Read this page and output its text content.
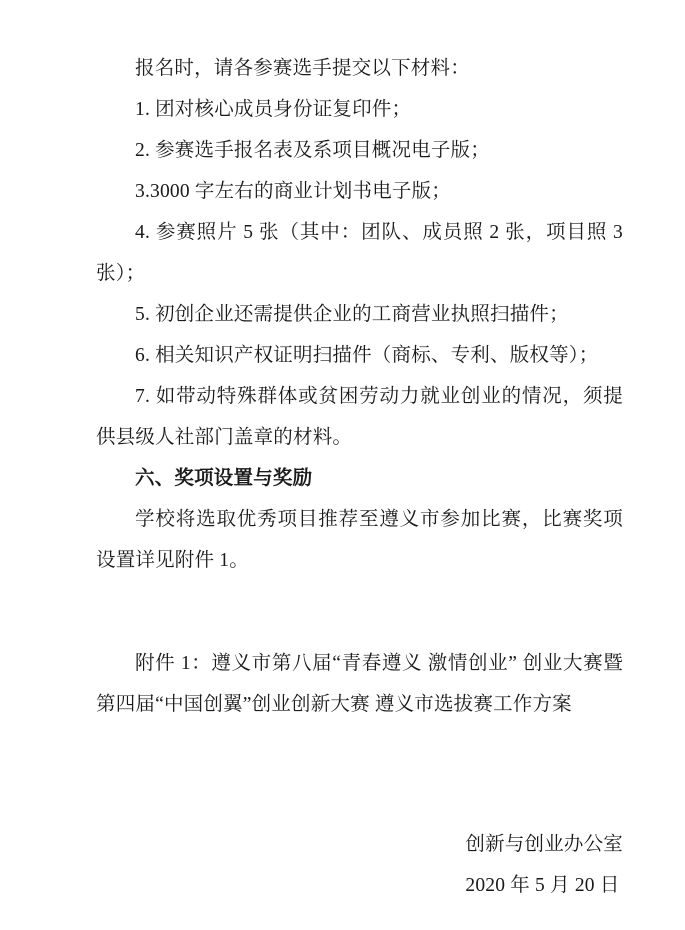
报名时，请各参赛选手提交以下材料：

1. 团对核心成员身份证复印件；

2. 参赛选手报名表及系项目概况电子版；

3.3000 字左右的商业计划书电子版；

4. 参赛照片 5 张（其中：团队、成员照 2 张，项目照 3 张）；

5. 初创企业还需提供企业的工商营业执照扫描件；

6. 相关知识产权证明扫描件（商标、专利、版权等）；

7. 如带动特殊群体或贫困劳动力就业创业的情况，须提供县级人社部门盖章的材料。

六、奖项设置与奖励

学校将选取优秀项目推荐至遵义市参加比赛，比赛奖项设置详见附件 1。

附件 1：遵义市第八届“青春遵义 激情创业” 创业大赛暨第四届“中国创翼”创业创新大赛 遵义市选拔赛工作方案

创新与创业办公室
2020 年 5 月 20 日
